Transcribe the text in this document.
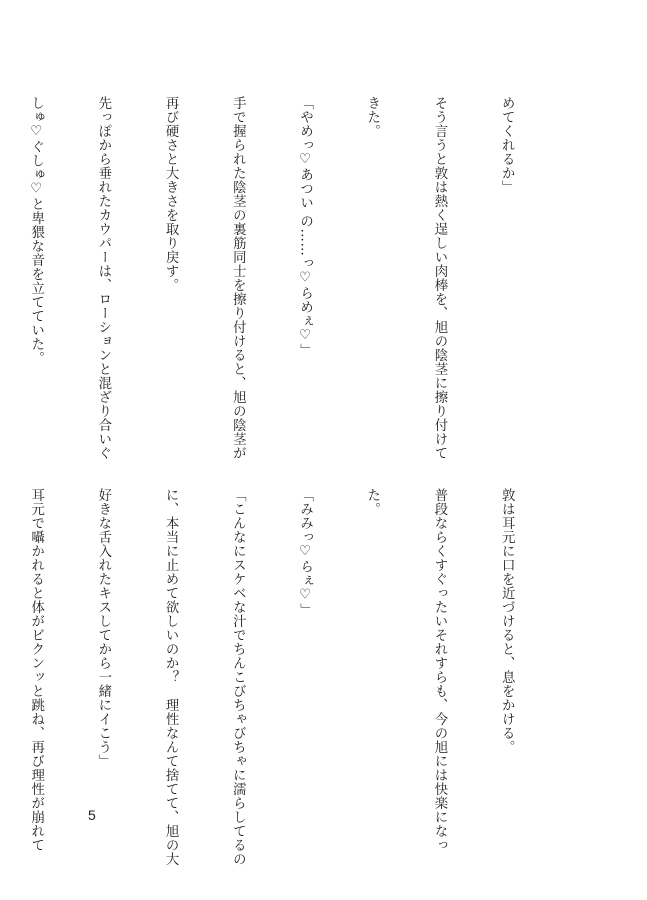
めてくれるか」

そう言うと敦は熱く逞しい肉棒を、旭の陰茎に擦り付けて

きた。

「やめっ♡あつい の……っ♡らめぇ♡」

手で握られた陰茎の裏筋同士を擦り付けると、旭の陰茎が

再び硬さと大きさを取り戻す。

先っぽから垂れたカウパーは、ローションと混ざり合いぐ

しゅ♡ぐしゅ♡と卑猥な音を立てていた。

敦は耳元に口を近づけると、息をかける。

普段ならくすぐったいそれすらも、今の旭には快楽になっ

た。

「みみっ♡らぇ♡」

「こんなにスケベな汁でちんこびちゃびちゃに濡らしてるの

に、本当に止めて欲しいのか？　理性なんて捨てて、旭の大

好きな舌入れたキスしてから一緒にイこう」

耳元で囁かれると体がビクンッと跳ね、再び理性が崩れて

	5
